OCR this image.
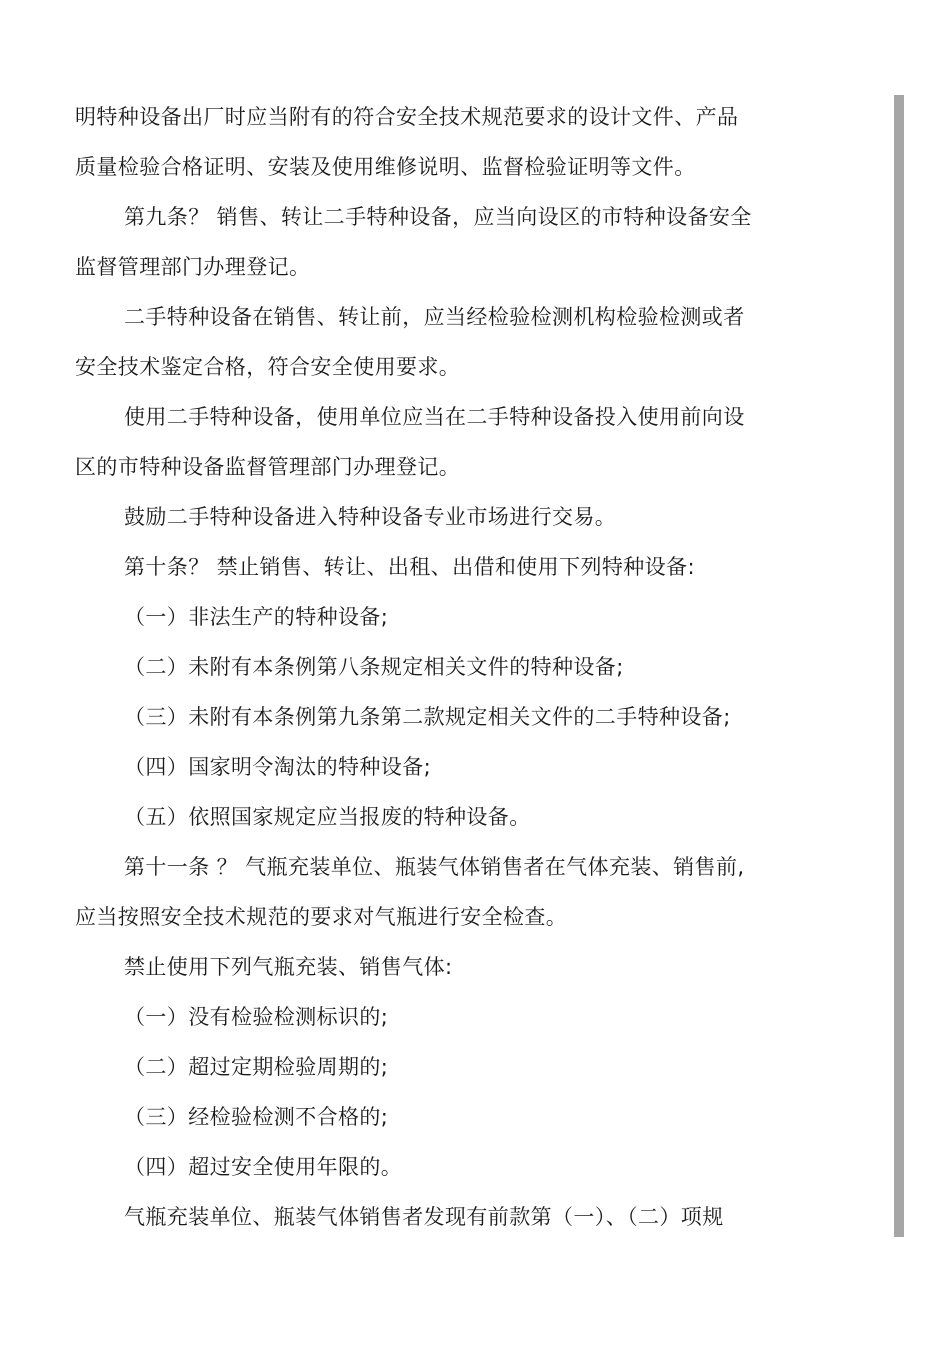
明特种设备出厂时应当附有的符合安全技术规范要求的设计文件、产品
质量检验合格证明、安装及使用维修说明、监督检验证明等文件。
第九条？ 销售、转让二手特种设备，应当向设区的市特种设备安全
监督管理部门办理登记。
二手特种设备在销售、转让前，应当经检验检测机构检验检测或者
安全技术鉴定合格，符合安全使用要求。
使用二手特种设备，使用单位应当在二手特种设备投入使用前向设
区的市特种设备监督管理部门办理登记。
鼓励二手特种设备进入特种设备专业市场进行交易。
第十条？ 禁止销售、转让、出租、出借和使用下列特种设备:
（一）非法生产的特种设备;
（二）未附有本条例第八条规定相关文件的特种设备;
（三）未附有本条例第九条第二款规定相关文件的二手特种设备;
（四）国家明令淘汰的特种设备;
（五）依照国家规定应当报废的特种设备。
第十一条 ？ 气瓶充装单位、瓶装气体销售者在气体充装、销售前,
应当按照安全技术规范的要求对气瓶进行安全检查。
禁止使用下列气瓶充装、销售气体:
（一）没有检验检测标识的;
（二）超过定期检验周期的;
（三）经检验检测不合格的;
（四）超过安全使用年限的。
气瓶充装单位、瓶装气体销售者发现有前款第（一）、（二）项规
